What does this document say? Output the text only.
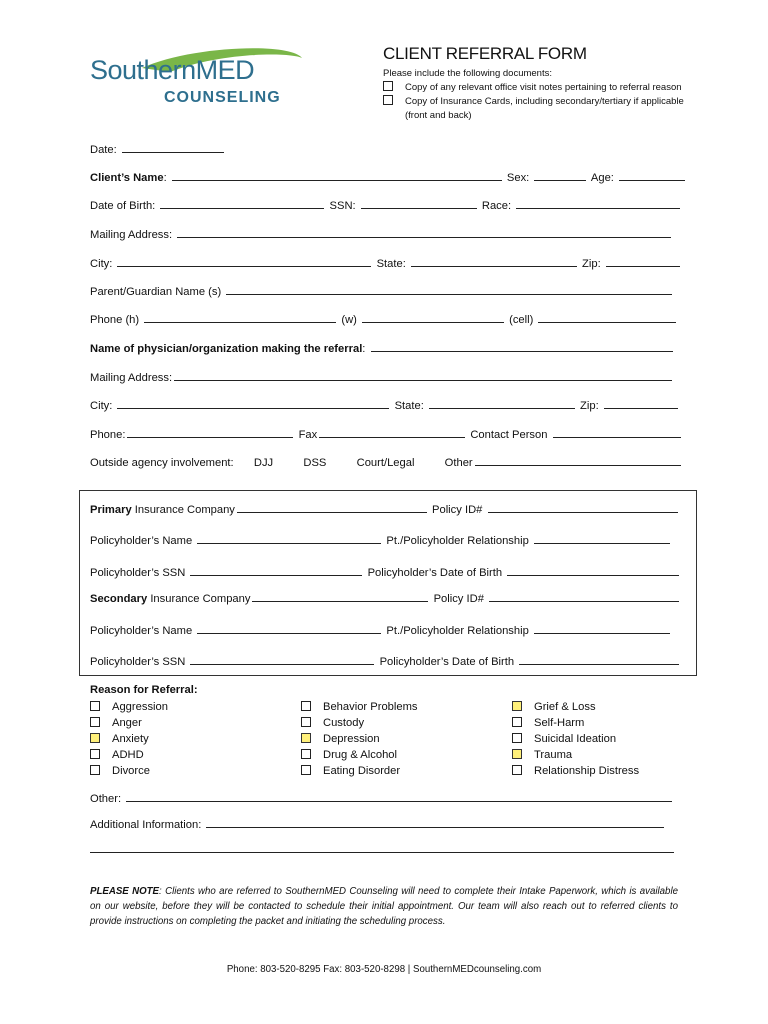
SouthernMED
COUNSELING
CLIENT REFERRAL FORM
Please include the following documents:
Copy of any relevant office visit notes pertaining to referral reason
Copy of Insurance Cards, including secondary/tertiary if applicable
(front and back)
Date:
Client’s Name:	Sex:	Age:
Date of Birth:	SSN:	Race:
Mailing Address:
City:	State:	Zip:
Parent/Guardian Name (s)
Phone (h)	(w)	(cell)
Name of physician/organization making the referral:
Mailing Address:
City:	State:	Zip:
Phone:	Fax	Contact Person
Outside agency involvement: DJJ	DSS	Court/Legal	Other
Primary Insurance Company	Policy ID#
Policyholder’s Name	Pt./Policyholder Relationship
Policyholder’s SSN	Policyholder’s Date of Birth
Secondary Insurance Company	Policy ID#
Policyholder’s Name	Pt./Policyholder Relationship
Policyholder’s SSN	Policyholder’s Date of Birth
Reason for Referral:
Aggression
Anger
Anxiety
ADHD
Divorce
Behavior Problems
Custody
Depression
Drug & Alcohol
Eating Disorder
Grief & Loss
Self-Harm
Suicidal Ideation
Trauma
Relationship Distress
Other:
Additional Information:
PLEASE NOTE: Clients who are referred to SouthernMED Counseling will need to complete their Intake Paperwork, which is available on our website, before they will be contacted to schedule their initial appointment. Our team will also reach out to referred clients to provide instructions on completing the packet and initiating the scheduling process.
Phone: 803-520-8295 Fax: 803-520-8298 | SouthernMEDcounseling.com
